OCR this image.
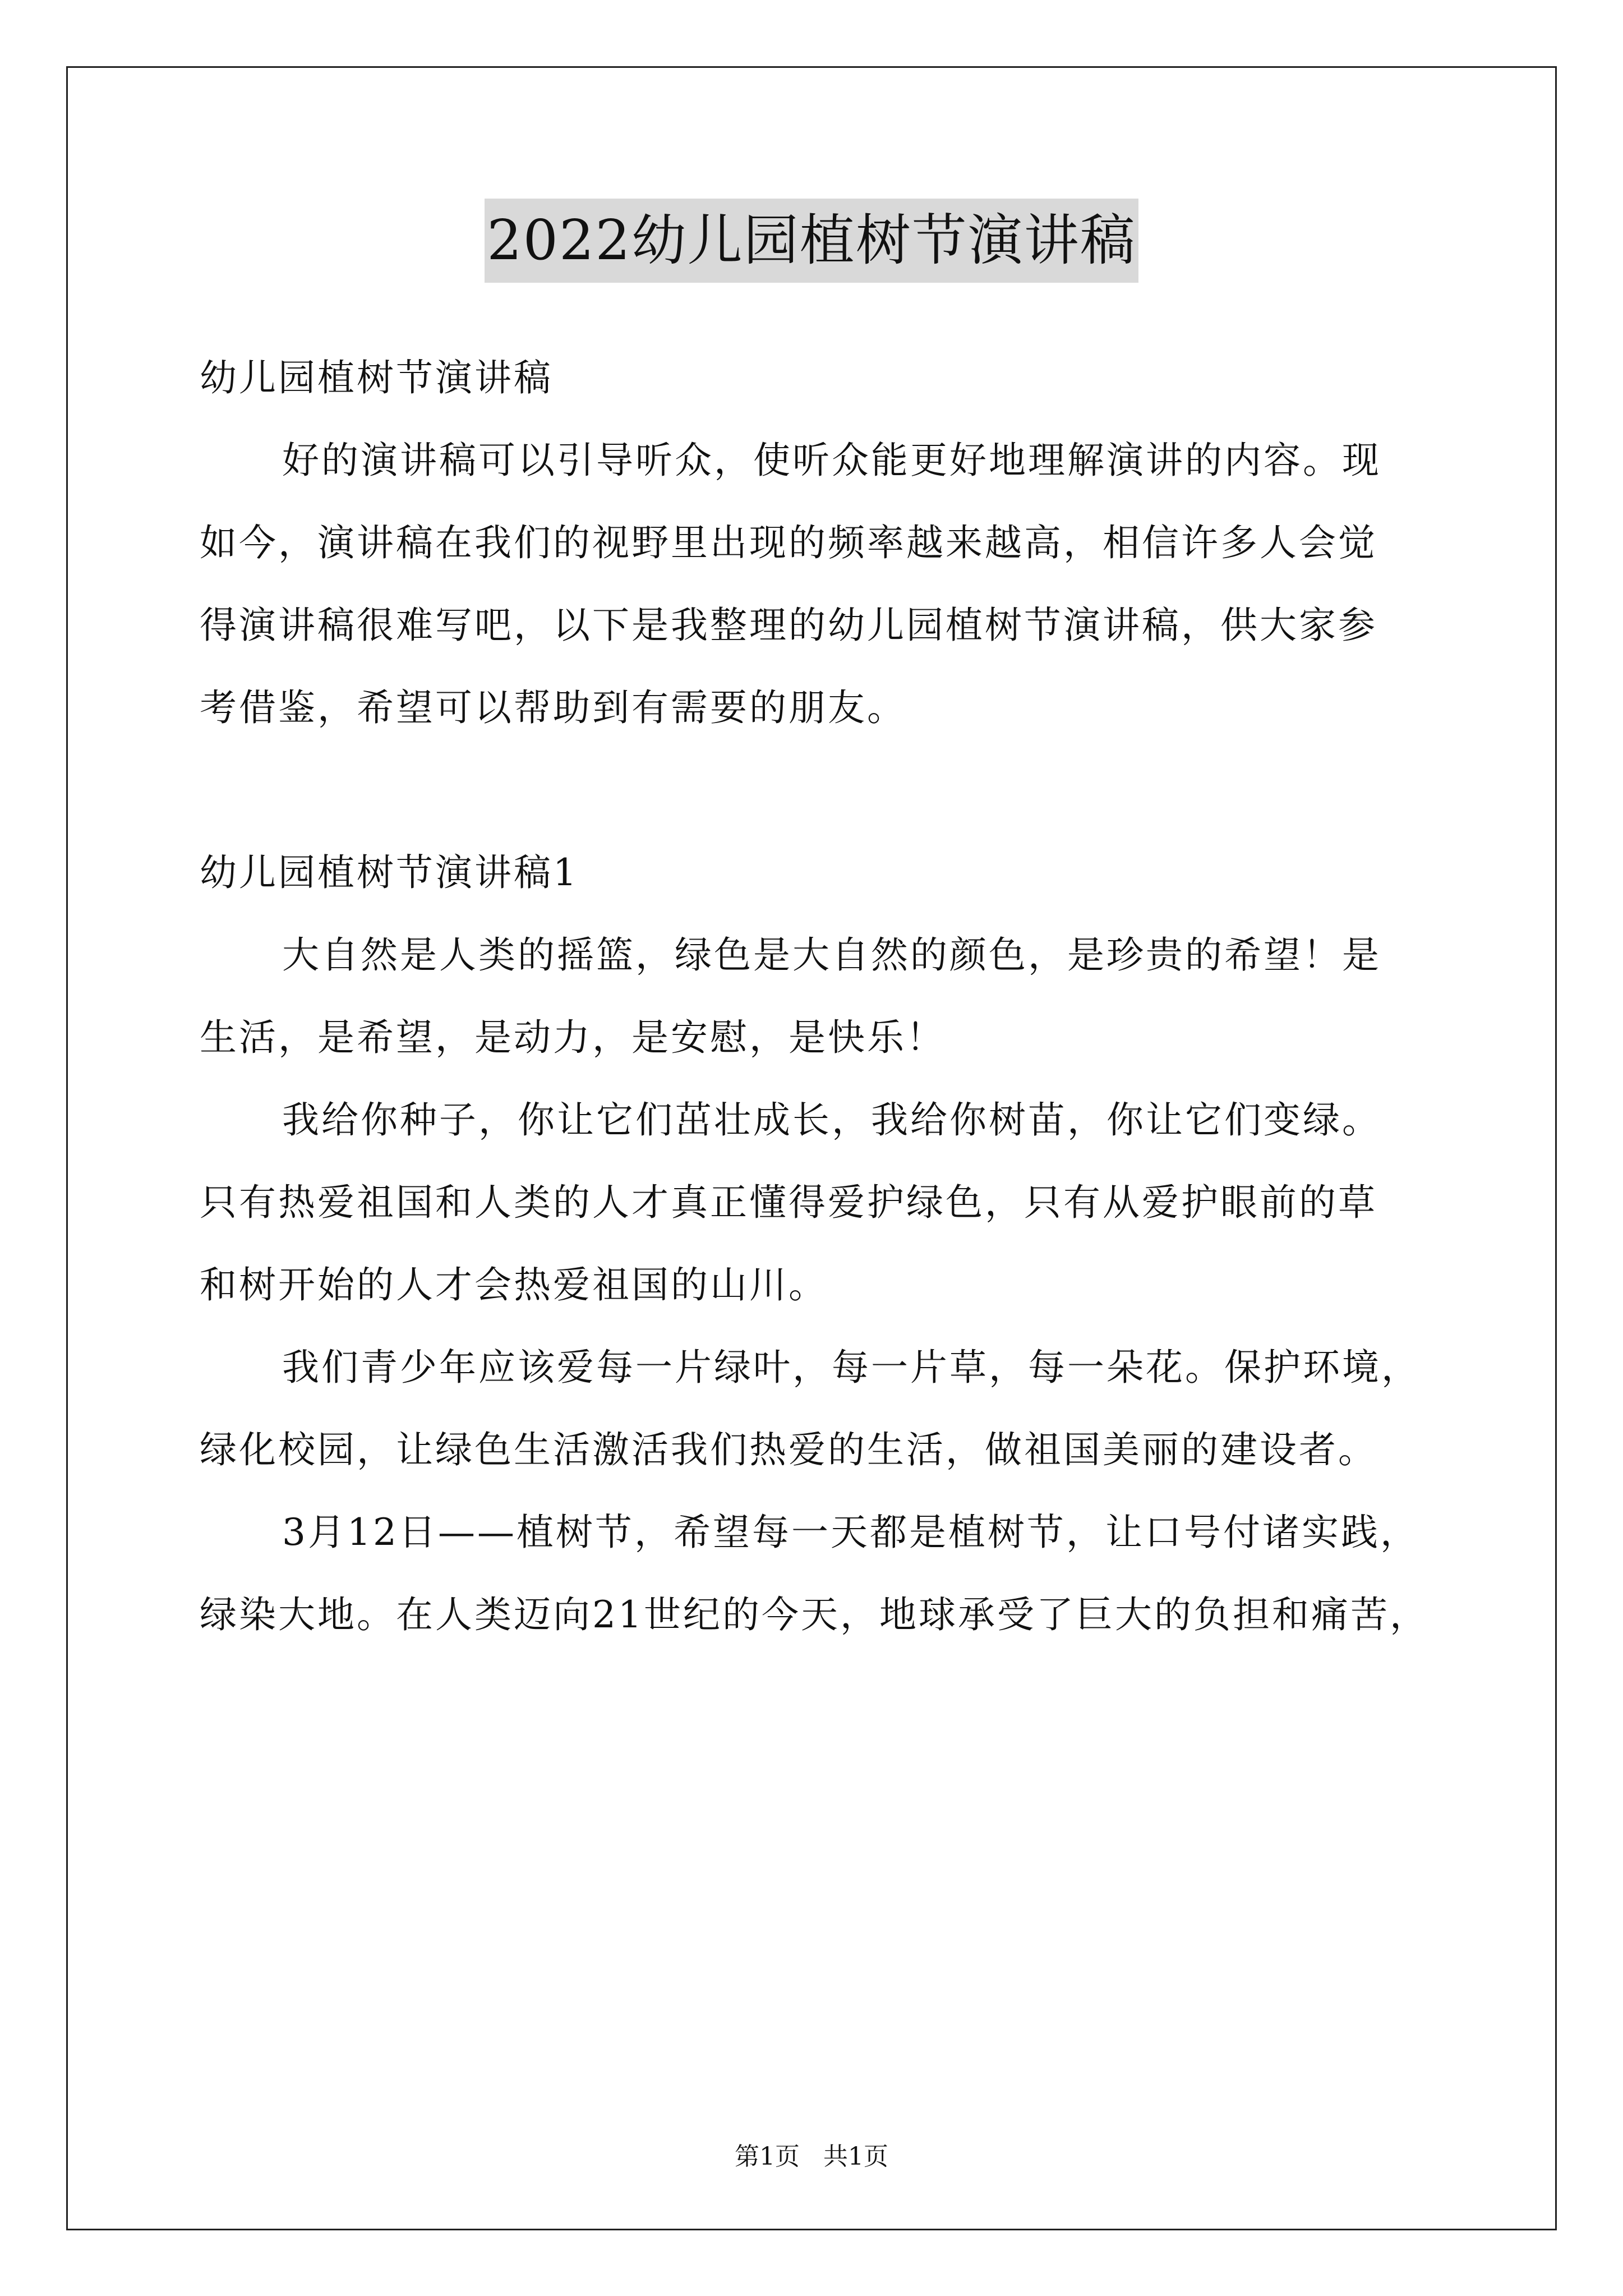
2022幼儿园植树节演讲稿
幼儿园植树节演讲稿
好的演讲稿可以引导听众，使听众能更好地理解演讲的内容。现
如今，演讲稿在我们的视野里出现的频率越来越高，相信许多人会觉
得演讲稿很难写吧，以下是我整理的幼儿园植树节演讲稿，供大家参
考借鉴，希望可以帮助到有需要的朋友。
幼儿园植树节演讲稿1
大自然是人类的摇篮，绿色是大自然的颜色，是珍贵的希望！是
生活，是希望，是动力，是安慰，是快乐！
我给你种子，你让它们茁壮成长，我给你树苗，你让它们变绿。
只有热爱祖国和人类的人才真正懂得爱护绿色，只有从爱护眼前的草
和树开始的人才会热爱祖国的山川。
我们青少年应该爱每一片绿叶，每一片草，每一朵花。保护环境，
绿化校园，让绿色生活激活我们热爱的生活，做祖国美丽的建设者。
3月12日——植树节，希望每一天都是植树节，让口号付诸实践，
绿染大地。在人类迈向21世纪的今天，地球承受了巨大的负担和痛苦，
第1页 共1页
